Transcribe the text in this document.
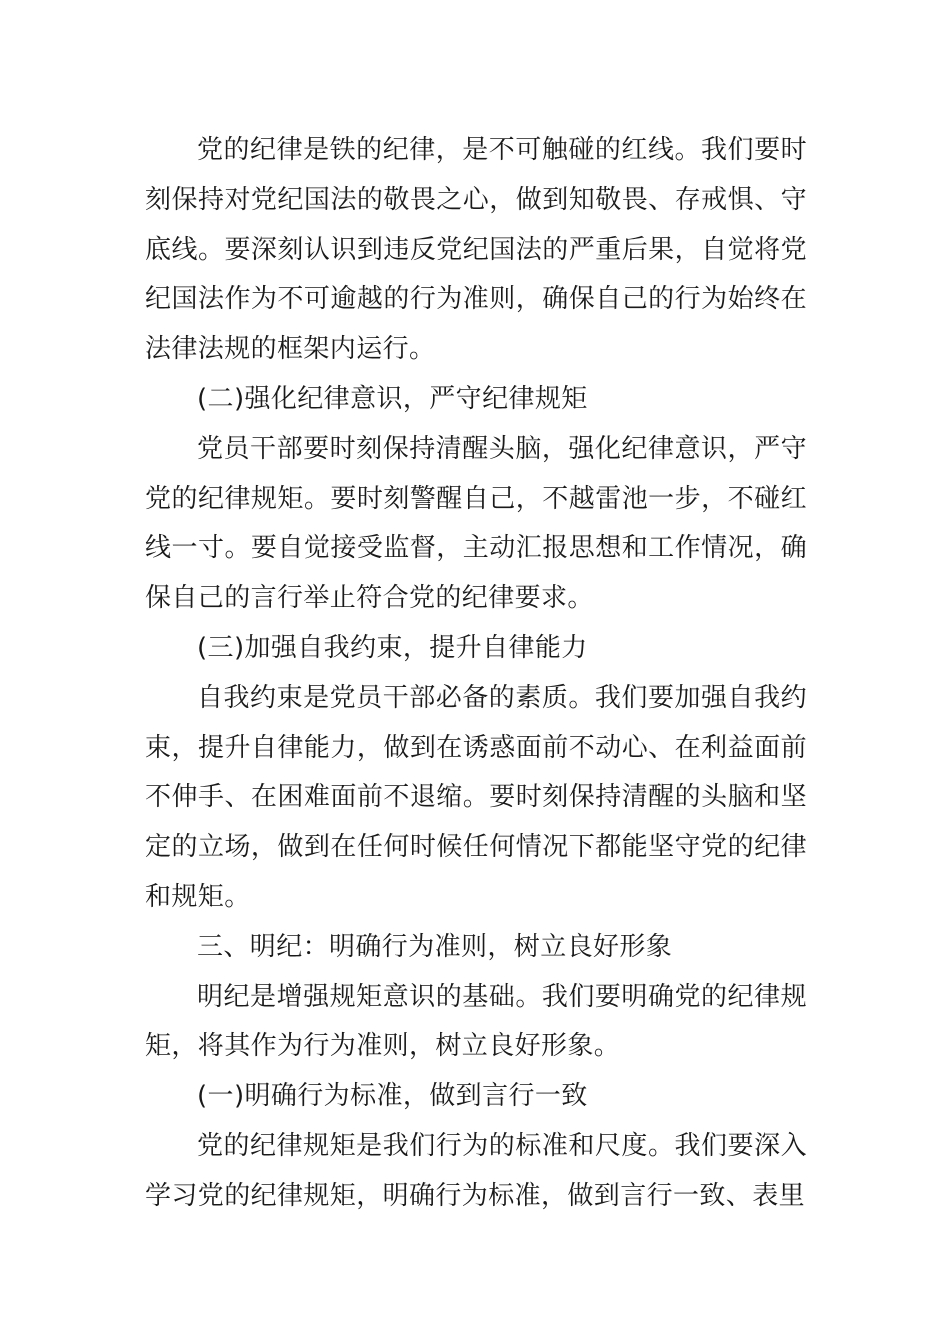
党的纪律是铁的纪律，是不可触碰的红线。我们要时刻保持对党纪国法的敬畏之心，做到知敬畏、存戒惧、守底线。要深刻认识到违反党纪国法的严重后果，自觉将党纪国法作为不可逾越的行为准则，确保自己的行为始终在法律法规的框架内运行。

(二)强化纪律意识，严守纪律规矩

党员干部要时刻保持清醒头脑，强化纪律意识，严守党的纪律规矩。要时刻警醒自己，不越雷池一步，不碰红线一寸。要自觉接受监督，主动汇报思想和工作情况，确保自己的言行举止符合党的纪律要求。

(三)加强自我约束，提升自律能力

自我约束是党员干部必备的素质。我们要加强自我约束，提升自律能力，做到在诱惑面前不动心、在利益面前不伸手、在困难面前不退缩。要时刻保持清醒的头脑和坚定的立场，做到在任何时候任何情况下都能坚守党的纪律和规矩。

三、明纪：明确行为准则，树立良好形象

明纪是增强规矩意识的基础。我们要明确党的纪律规矩，将其作为行为准则，树立良好形象。

(一)明确行为标准，做到言行一致

党的纪律规矩是我们行为的标准和尺度。我们要深入学习党的纪律规矩，明确行为标准，做到言行一致、表里
